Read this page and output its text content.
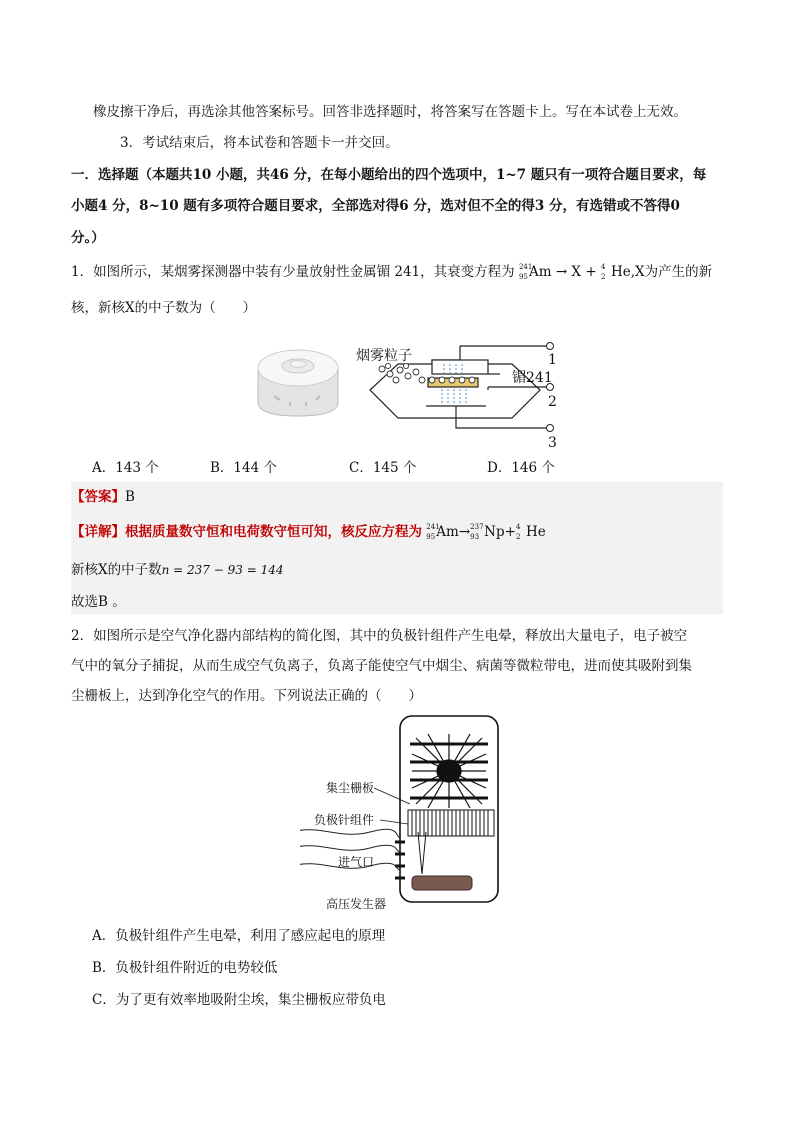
橡皮擦干净后，再选涂其他答案标号。回答非选择题时，将答案写在答题卡上。写在本试卷上无效。
3．考试结束后，将本试卷和答题卡一并交回。
一．选择题（本题共10 小题，共46 分，在每小题给出的四个选项中，1~7 题只有一项符合题目要求，每
小题4 分，8~10 题有多项符合题目要求，全部选对得6 分，选对但不全的得3 分，有选错或不答得0
分。）
1．如图所示，某烟雾探测器中装有少量放射性金属镅 241，其衰变方程为 241
95 Am → X + 4
2 He,X为产生的新
核，新核X的中子数为（　　）
烟雾粒子
镅241
1
2
3
A．143 个	B．144 个	C．145 个	D．146 个
【答案】B
【详解】根据质量数守恒和电荷数守恒可知，核反应方程为 241
95 Am→ 237
93 Np+ 4
2 He
新核X的中子数n = 237 − 93 = 144
故选B 。
2．如图所示是空气净化器内部结构的简化图，其中的负极针组件产生电晕，释放出大量电子，电子被空
气中的氧分子捕捉，从而生成空气负离子，负离子能使空气中烟尘、病菌等微粒带电，进而使其吸附到集
尘栅板上，达到净化空气的作用。下列说法正确的（　　）
集尘栅板
负极针组件
进气口
高压发生器
A．负极针组件产生电晕，利用了感应起电的原理
B．负极针组件附近的电势较低
C．为了更有效率地吸附尘埃，集尘栅板应带负电
